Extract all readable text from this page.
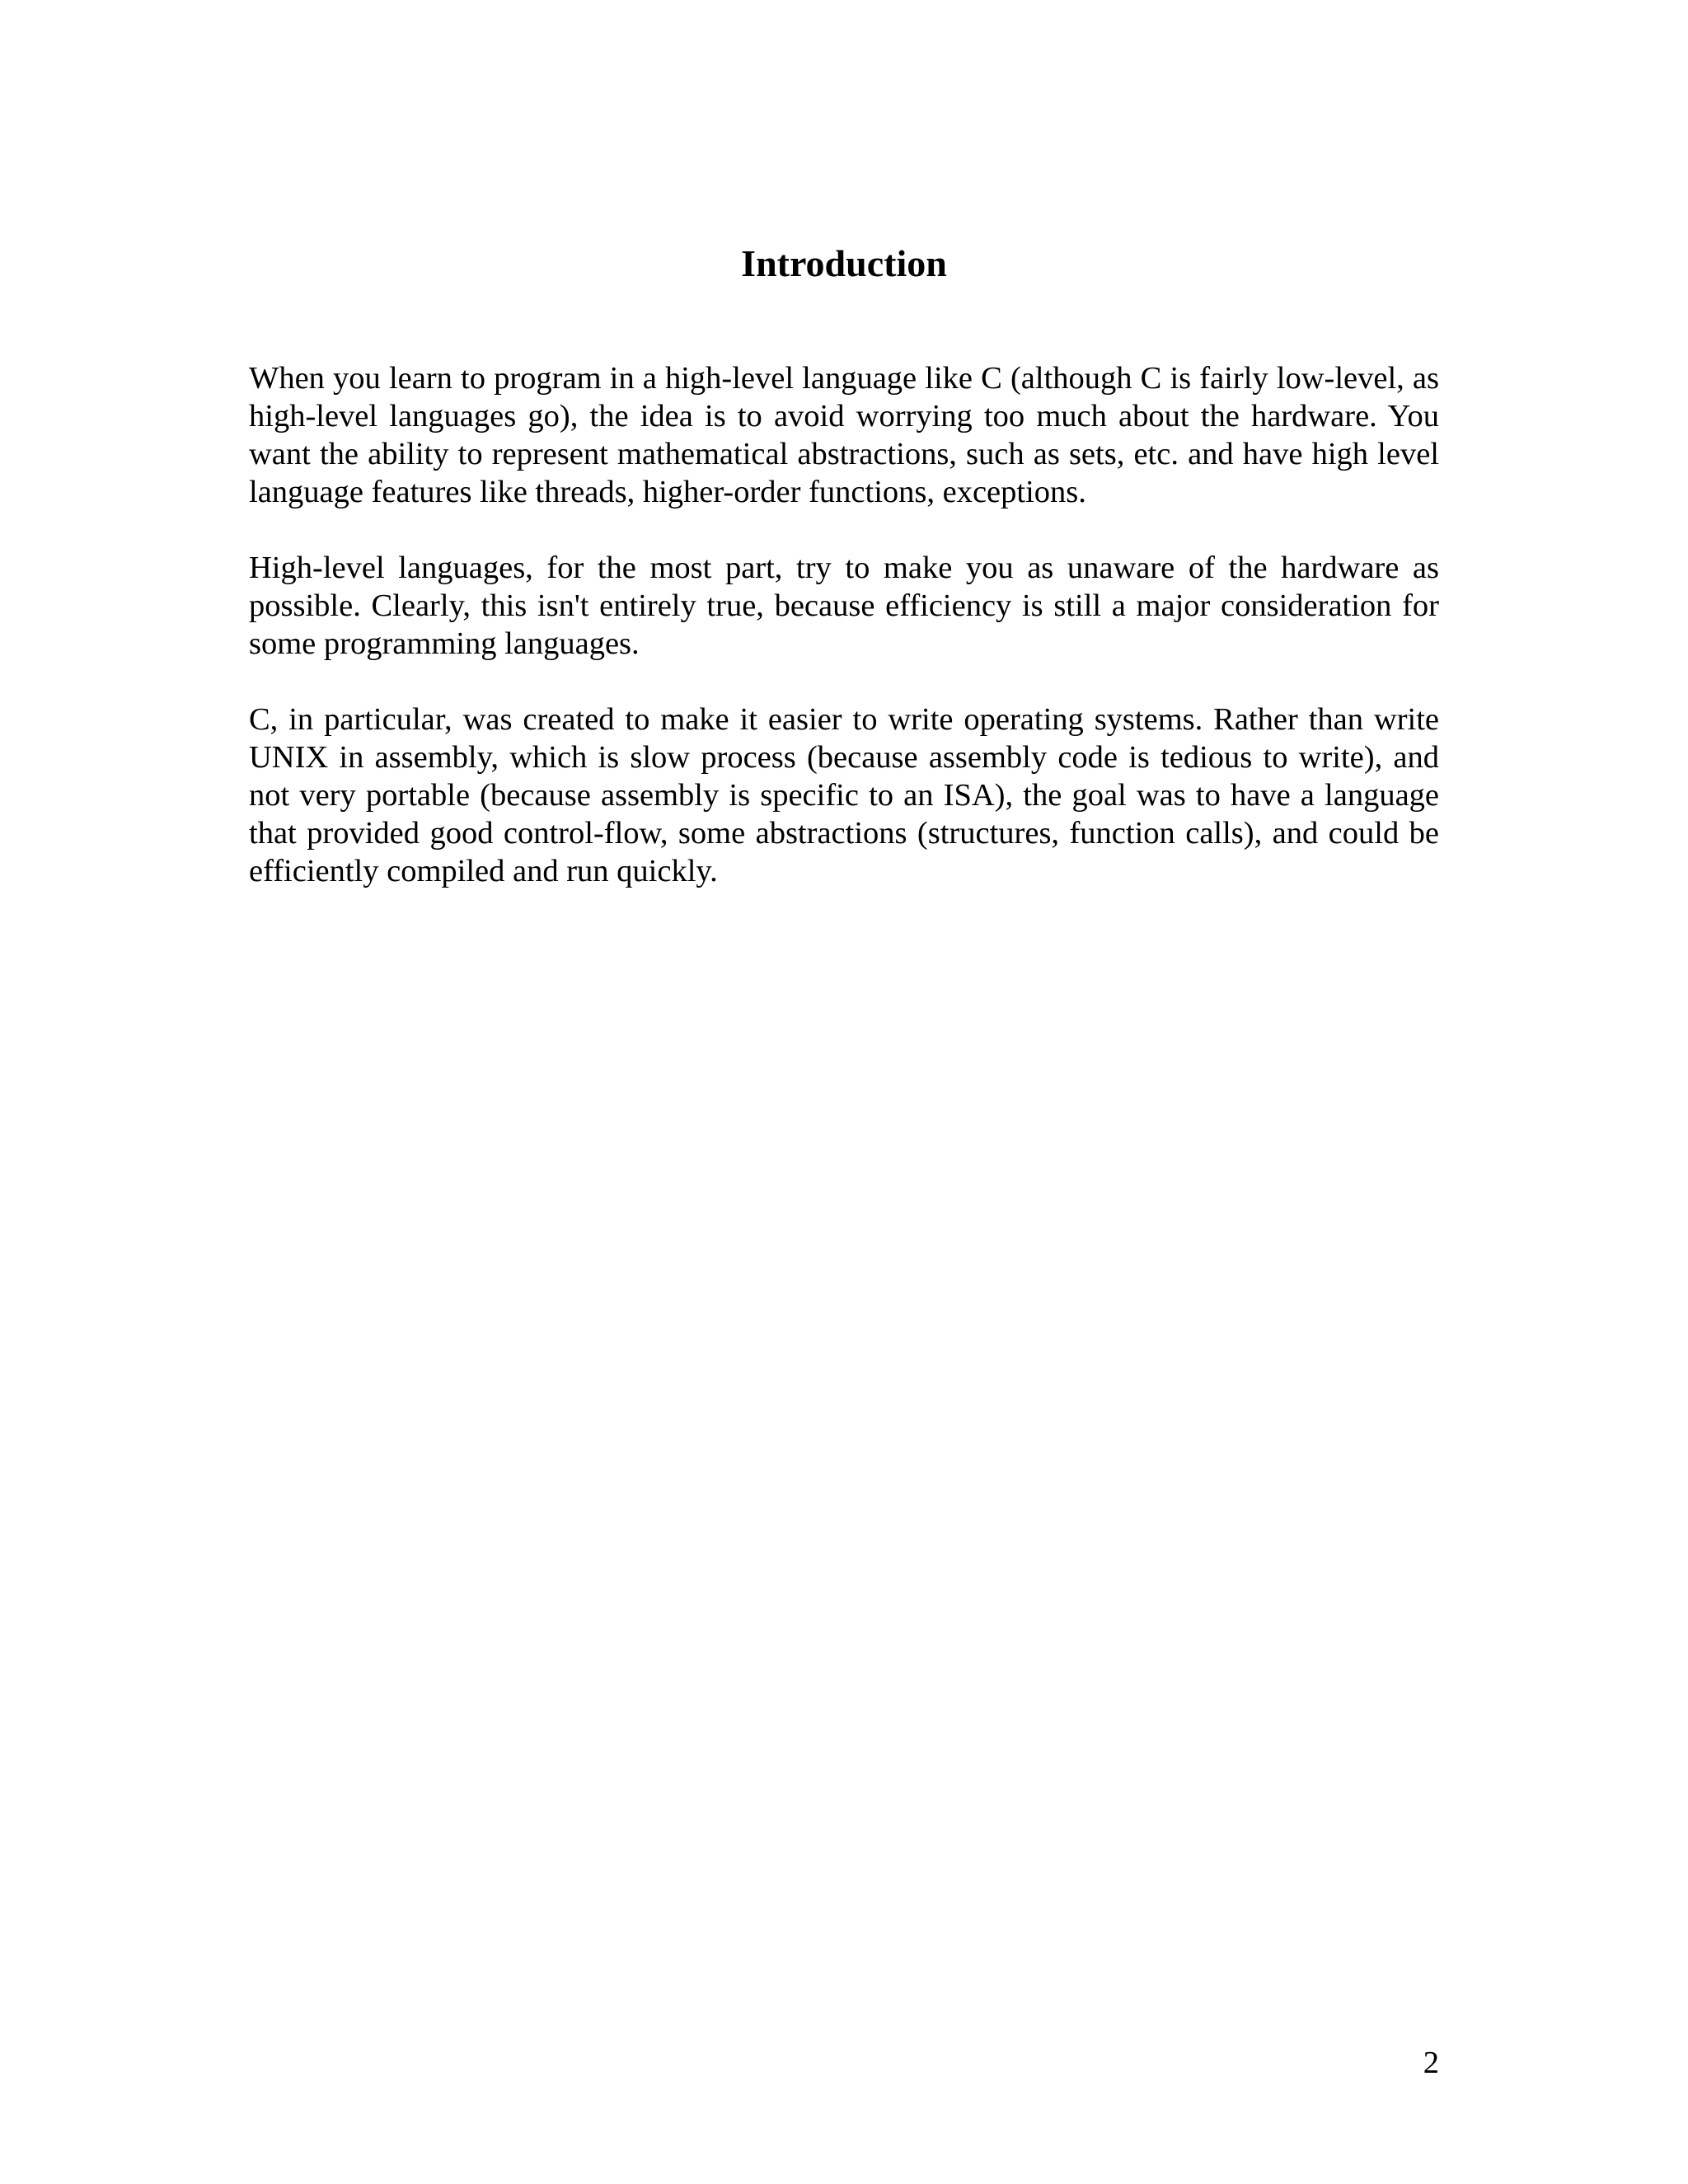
Introduction

When you learn to program in a high-level language like C (although C is fairly low-level, as high-level languages go), the idea is to avoid worrying too much about the hardware. You want the ability to represent mathematical abstractions, such as sets, etc. and have high level language features like threads, higher-order functions, exceptions.

High-level languages, for the most part, try to make you as unaware of the hardware as possible. Clearly, this isn't entirely true, because efficiency is still a major consideration for some programming languages.

C, in particular, was created to make it easier to write operating systems. Rather than write UNIX in assembly, which is slow process (because assembly code is tedious to write), and not very portable (because assembly is specific to an ISA), the goal was to have a language that provided good control-flow, some abstractions (structures, function calls), and could be efficiently compiled and run quickly.

2
